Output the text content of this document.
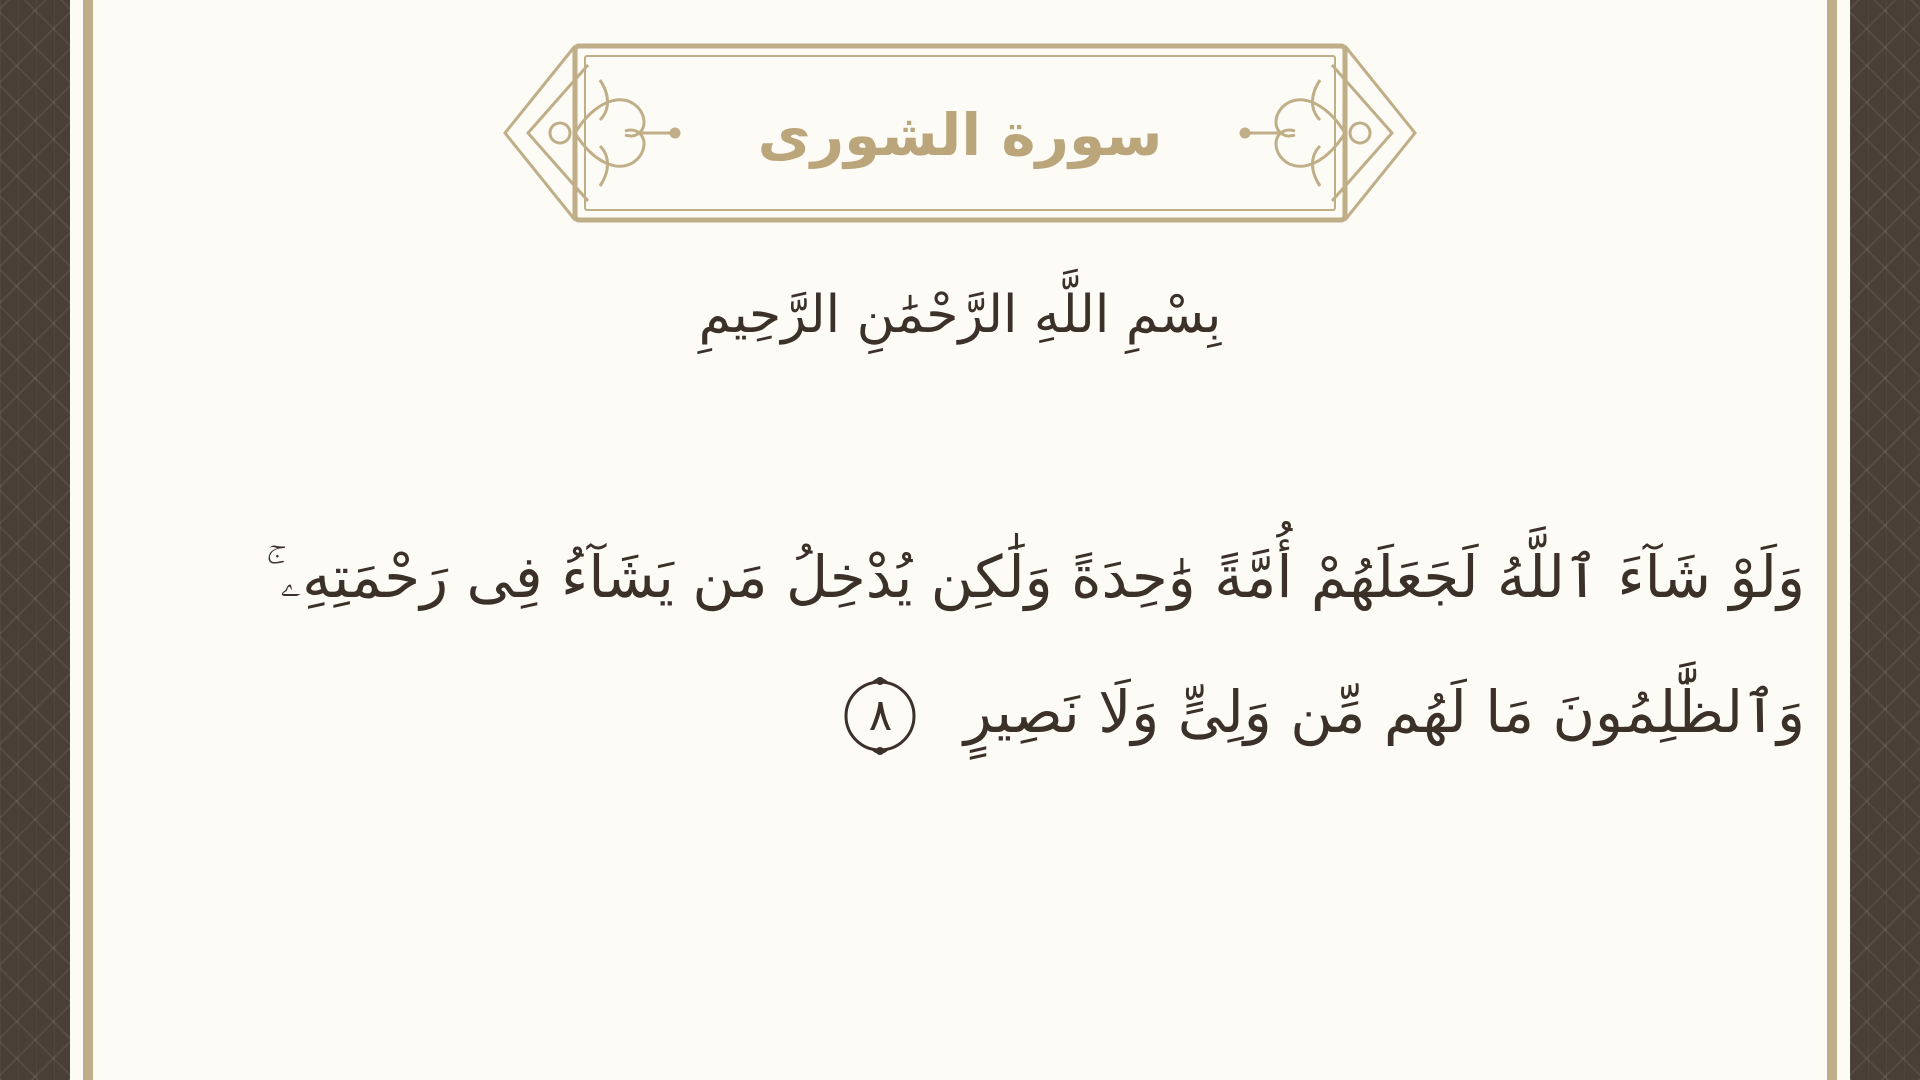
سورة الشورى
بِسْمِ اللَّهِ الرَّحْمَٰنِ الرَّحِيمِ
وَلَوْ شَآءَ ٱللَّهُ لَجَعَلَهُمْ أُمَّةً وَٰحِدَةً وَلَٰكِن يُدْخِلُ مَن يَشَآءُ فِى رَحْمَتِهِۦ ۚ وَٱلظَّٰلِمُونَ مَا لَهُم مِّن وَلِىٍّ وَلَا نَصِيرٍ
٨
